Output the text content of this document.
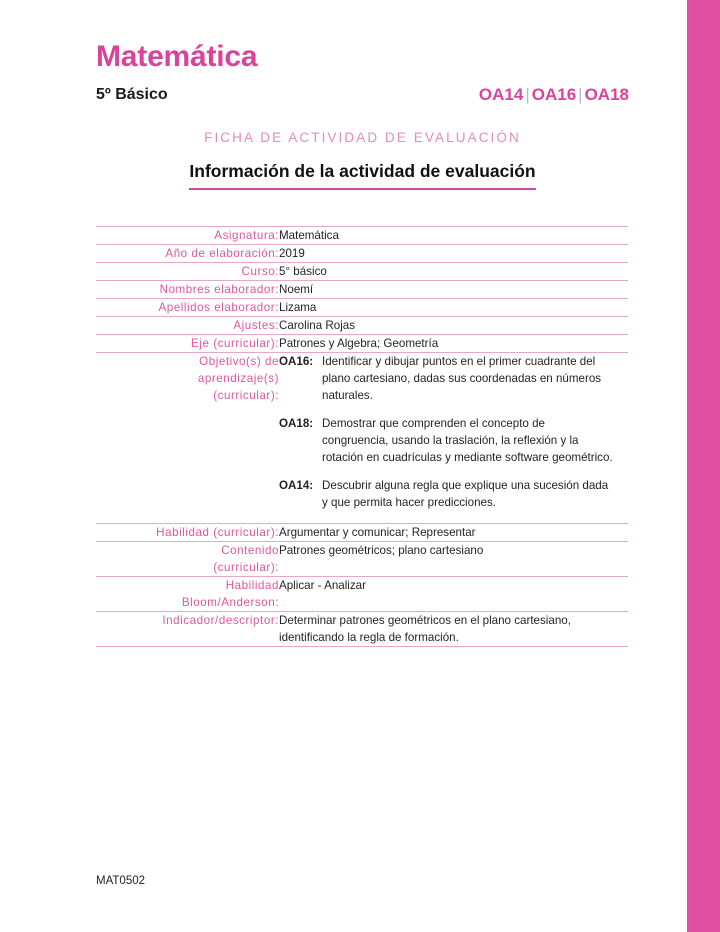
Matemática
5º Básico	OA14 | OA16 | OA18
FICHA DE ACTIVIDAD DE EVALUACIÓN
Información de la actividad de evaluación
Asignatura:	Matemática
Año de elaboración:	2019
Curso:	5° básico
Nombres elaborador:	Noemí
Apellidos elaborador:	Lizama
Ajustes:	Carolina Rojas
Eje (curricular):	Patrones y Algebra; Geometría
Objetivo(s) de
aprendizaje(s)
(curricular):	
OA16: Identificar y dibujar puntos en el primer cuadrante del plano cartesiano, dadas sus coordenadas en números naturales.
OA18: Demostrar que comprenden el concepto de congruencia, usando la traslación, la reflexión y la rotación en cuadrículas y mediante software geométrico.
OA14: Descubrir alguna regla que explique una sucesión dada y que permita hacer predicciones.

Habilidad (curricular):	Argumentar y comunicar; Representar
Contenido
(curricular):	Patrones geométricos; plano cartesiano
Habilidad
Bloom/Anderson:	Aplicar - Analizar
Indicador/descriptor:	Determinar patrones geométricos en el plano cartesiano, identificando la regla de formación.
MAT0502
